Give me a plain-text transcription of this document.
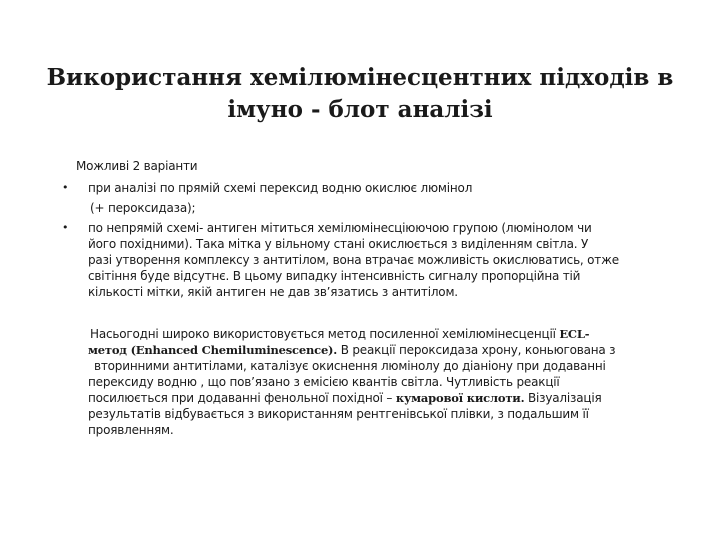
Використання хемілюмінесцентних підходів в
імуно - блот аналізі
Можливі 2 варіанти
• при аналізі по прямій схемі перексид водню окислює люмінол
(+ пероксидаза);
• по непрямій схемі- антиген мітиться хемілюмінесціюючою групою (люмінолом чи
його похідними). Така мітка у вільному стані окислюється з виділенням світла. У
разі утворення комплексу з антитілом, вона втрачає можливість окислюватись, отже
світіння буде відсутнє. В цьому випадку інтенсивність сигналу пропорційна тій
кількості мітки, якій антиген не дав зв’язатись з антитілом.

Нaсьогодні широко використовується метод посиленної хемілюмінесценції ECL-
метод (Enhanced Chemiluminescence). В реакції пероксидаза хрону, коньюгована з
вторинними антитілами, каталізує окиснення люмінолу до діаніону при додаванні
перексиду водню , що пов’язано з емісією квантів світла. Чутливість реакції
посилюється при додаванні фенольної похідної – кумарової кислоти. Візуалізація
результатів відбувається з використанням рентгенівської плівки, з подальшим її
проявленням.
